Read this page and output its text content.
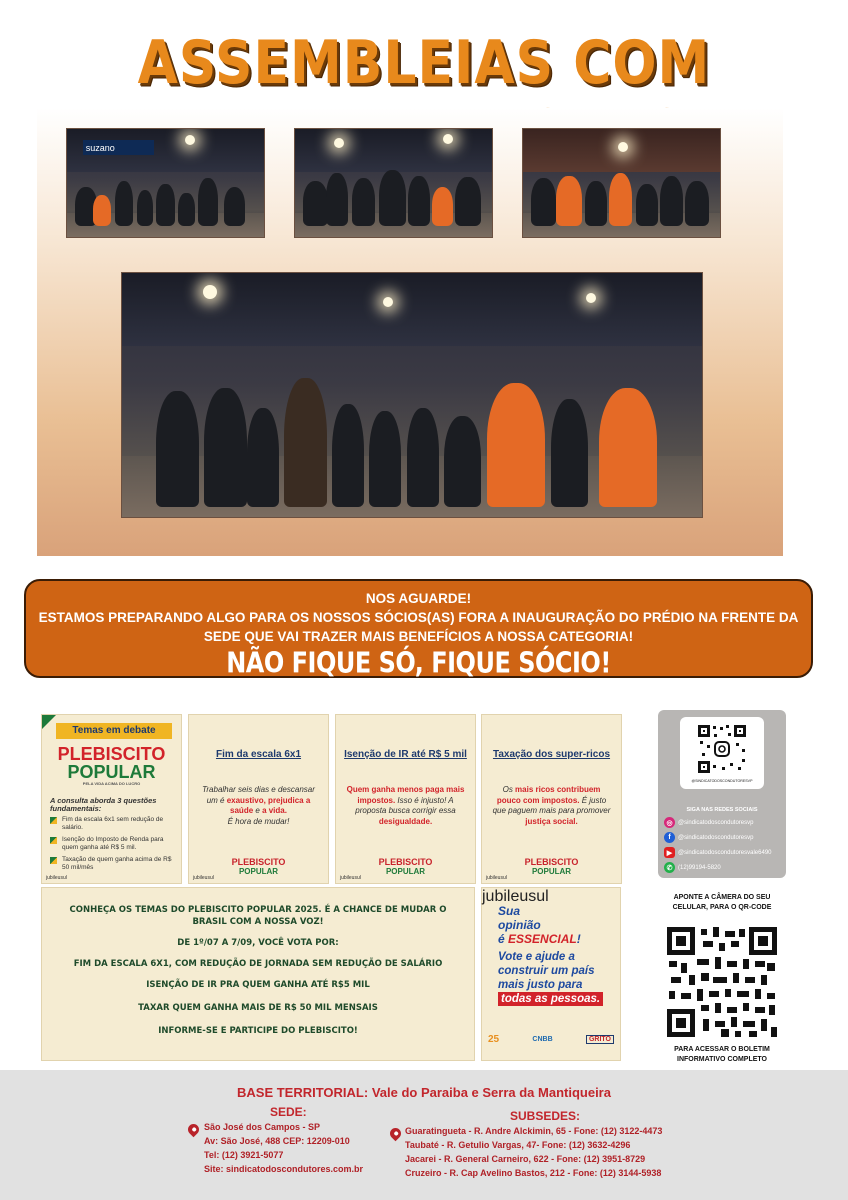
ASSEMBLEIAS COM
suzano
NOS AGUARDE!
ESTAMOS PREPARANDO ALGO PARA OS NOSSOS SÓCIOS(AS) FORA A INAUGURAÇÃO DO PRÉDIO NA FRENTE DA SEDE QUE VAI TRAZER MAIS BENEFÍCIOS A NOSSA CATEGORIA!
NÃO FIQUE SÓ, FIQUE SÓCIO!
Temas em debate
PLEBISCITO
POPULAR
PELA VIDA ACIMA DO LUCRO
A consulta aborda 3 questões fundamentais:
Fim da escala 6x1 sem redução de salário.
Isenção do Imposto de Renda para quem ganha até R$ 5 mil.
Taxação de quem ganha acima de R$ 50 mil/mês
jubileusul
Fim da escala 6x1
Trabalhar seis dias e descansar um é exaustivo, prejudica a saúde e a vida.
É hora de mudar!
PLEBISCITO
POPULAR
jubileusul
Isenção de IR até R$ 5 mil
Quem ganha menos paga mais impostos. Isso é injusto! A proposta busca corrigir essa desigualdade.
PLEBISCITO
POPULAR
jubileusul
Taxação dos super-ricos
Os mais ricos contribuem pouco com impostos. É justo que paguem mais para promover justiça social.
PLEBISCITO
POPULAR
jubileusul

CONHEÇA OS TEMAS DO PLEBISCITO POPULAR 2025. É A CHANCE DE MUDAR O BRASIL COM A NOSSA VOZ!

DE 1º/07 A 7/09, VOCÊ VOTA POR:

FIM DA ESCALA 6X1, COM REDUÇÃO DE JORNADA SEM REDUÇÃO DE SALÁRIO

ISENÇÃO DE IR PRA QUEM GANHA ATÉ R$5 MIL

TAXAR QUEM GANHA MAIS DE R$ 50 MIL MENSAIS

INFORME-SE E PARTICIPE DO PLEBISCITO!

Sua
opinião
é ESSENCIAL!
Vote e ajude a construir um país mais justo para
todas as pessoas.
25	CNBB	GRITO
jubileusul
@SINDICATODOSCONDUTORESVP
SIGA NAS REDES SOCIAIS
◎ @sindicatodoscondutoresvp
f	@sindicatodoscondutoresvp
▶ @sindicatodoscondutoresvale6490
✆ (12)99194-5820
APONTE A CÂMERA DO SEU CELULAR, PARA O QR-CODE
PARA ACESSAR O BOLETIM INFORMATIVO COMPLETO
BASE TERRITORIAL: Vale do Paraiba e Serra da Mantiqueira
SEDE:	SUBSEDES:
São José dos Campos - SP
Av: São José, 488 CEP: 12209-010
Tel: (12) 3921-5077
Site: sindicatodoscondutores.com.br
Guaratingueta - R. Andre Alckimin, 65 - Fone: (12) 3122-4473
Taubaté - R. Getulio Vargas, 47- Fone: (12) 3632-4296
Jacarei - R. General Carneiro, 622 - Fone: (12) 3951-8729
Cruzeiro - R. Cap Avelino Bastos, 212 - Fone: (12) 3144-5938
